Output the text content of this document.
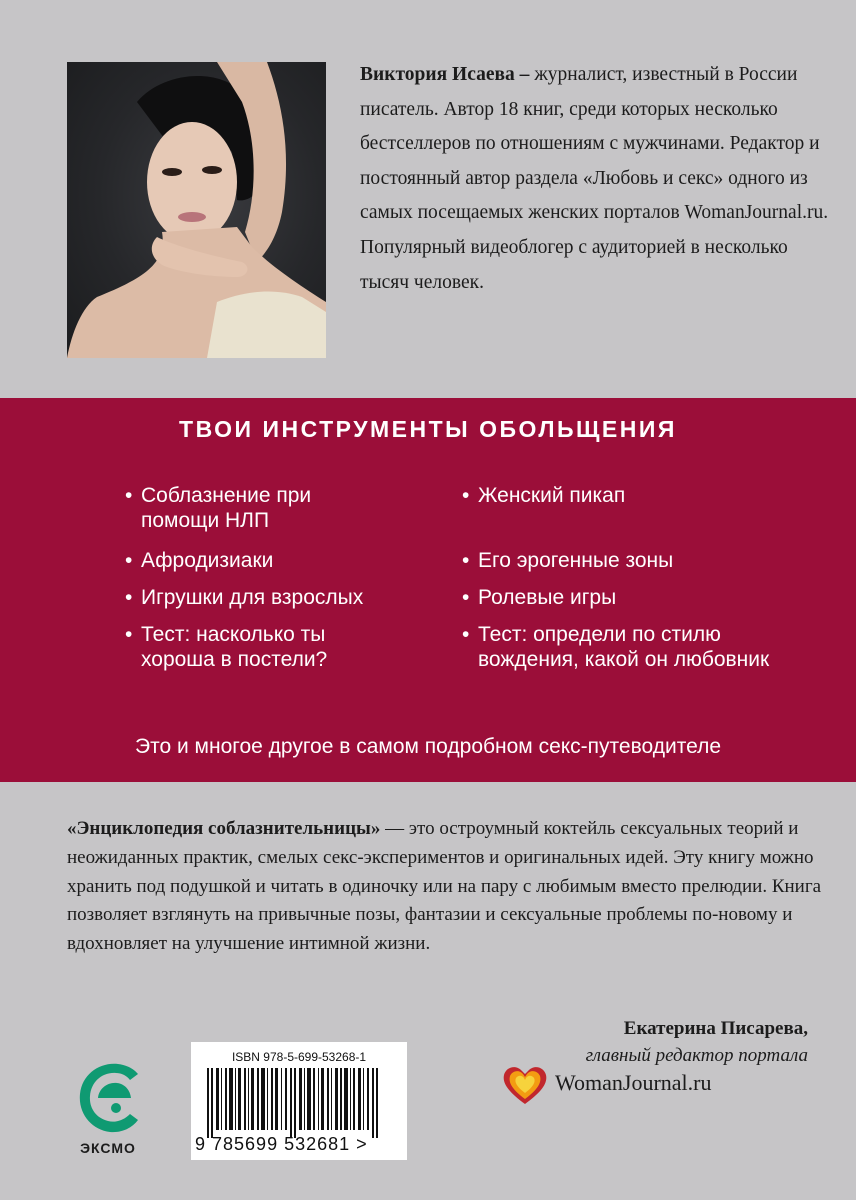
Виктория Исаева – журналист, известный в России писатель. Автор 18 книг, среди которых несколько бестселлеров по отношениям с мужчинами. Редактор и постоянный автор раздела «Любовь и секс» одного из самых посещаемых женских порталов WomanJournal.ru. Популярный видеоблогер с аудиторией в несколько тысяч человек.
ТВОИ ИНСТРУМЕНТЫ ОБОЛЬЩЕНИЯ
• Соблазнение при помощи НЛП
• Афродизиаки
• Игрушки для взрослых
• Тест: насколько ты хороша в постели?
• Женский пикап
• Его эрогенные зоны
• Ролевые игры
• Тест: определи по стилю вождения, какой он любовник
Это и многое другое в самом подробном секс-путеводителе
«Энциклопедия соблазнительницы» — это остроумный коктейль сексуальных теорий и неожиданных практик, смелых секс-экспериментов и оригинальных идей. Эту книгу можно хранить под подушкой и читать в одиночку или на пару с любимым вместо прелюдии. Книга позволяет взглянуть на привычные позы, фантазии и сексуальные проблемы по-новому и вдохновляет на улучшение интимной жизни.
Екатерина Писарева,
главный редактор портала
WomanJournal.ru
ISBN 978-5-699-53268-1
9 785699 532681 >
ЭКСМО
